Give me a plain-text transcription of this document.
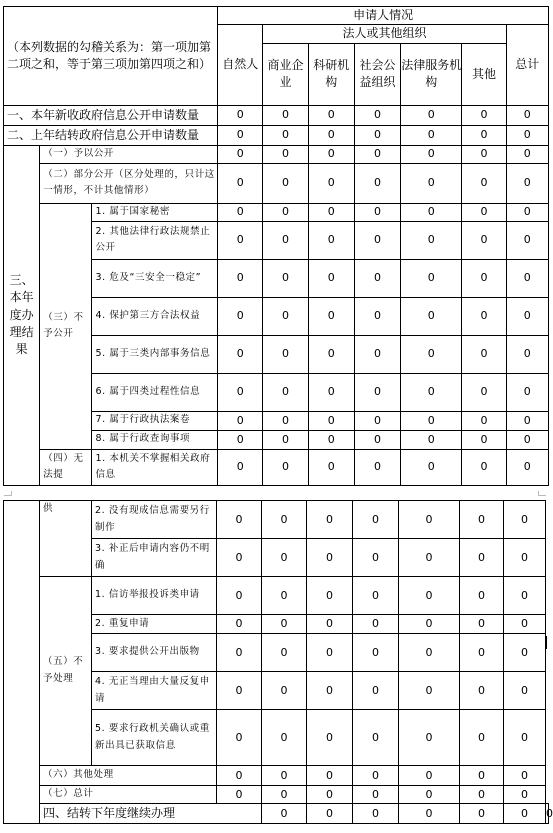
（本列数据的勾稽关系为：第一项加第二项之和，等于第三项加第四项之和）			申请人情况						
			自然人	法人或其他组织					总计
				商业企业	科研机构	社会公益组织	法律服务机构	其他	
一、本年新收政府信息公开申请数量			0	0	0	0	0	0	0
二、上年结转政府信息公开申请数量			0	0	0	0	0	0	0
三、本年度办理结果	（一）予以公开		0	0	0	0	0	0	0
	（二）部分公开（区分处理的，只计这一情形，不计其他情形）		0	0	0	0	0	0	0
	（三）不予公开	1. 属于国家秘密	0	0	0	0	0	0	0
		2. 其他法律行政法规禁止公开	0	0	0	0	0	0	0
		3. 危及“三安全一稳定”	0	0	0	0	0	0	0
		4. 保护第三方合法权益	0	0	0	0	0	0	0
		5. 属于三类内部事务信息	0	0	0	0	0	0	0
		6. 属于四类过程性信息	0	0	0	0	0	0	0
		7. 属于行政执法案卷	0	0	0	0	0	0	0
		8. 属于行政查询事项	0	0	0	0	0	0	0
	（四）无法提	1. 本机关不掌握相关政府信息	0	0	0	0	0	0	0
	供	2. 没有现成信息需要另行制作	0	0	0	0	0	0	0	
		3. 补正后申请内容仍不明确	0	0	0	0	0	0	0	
	（五）不予处理	1. 信访举报投诉类申请	0	0	0	0	0	0	0	
		2. 重复申请	0	0	0	0	0	0	0	
		3. 要求提供公开出版物	0	0	0	0	0	0	0	
		4. 无正当理由大量反复申请	0	0	0	0	0	0	0	
		5. 要求行政机关确认或重新出具已获取信息	0	0	0	0	0	0	0	
	（六）其他处理		0	0	0	0	0	0	0	
	（七）总计		0	0	0	0	0	0	0	
	四、结转下年度继续办理			0	0	0	0	0	0	0
